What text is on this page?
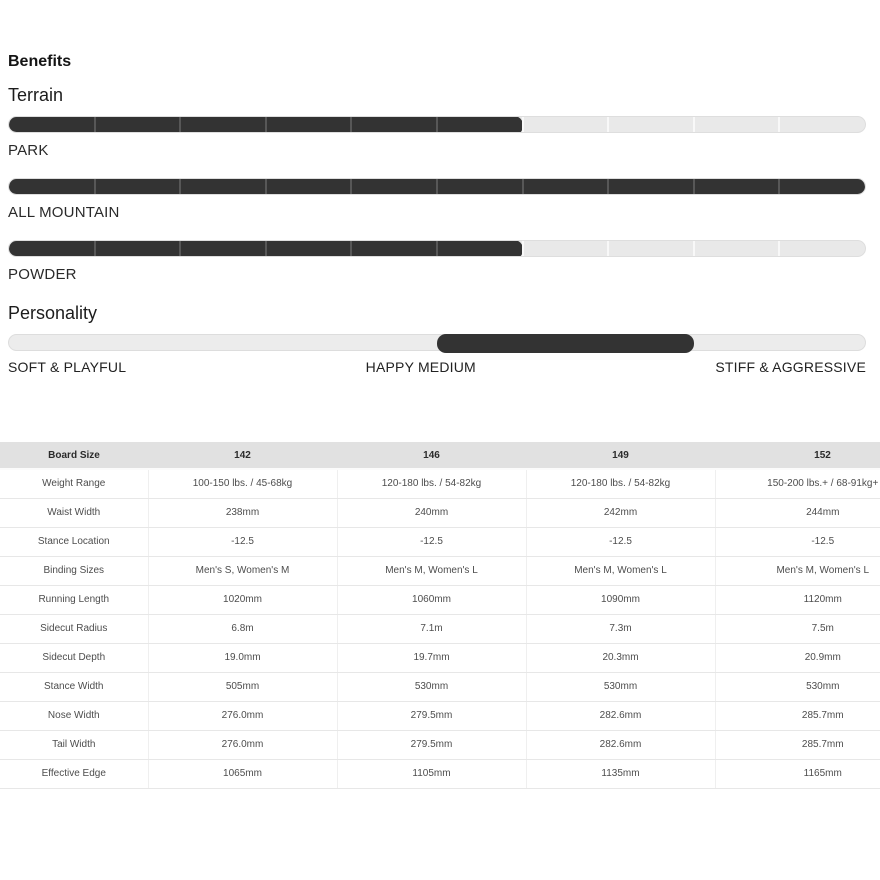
Benefits
Terrain
PARK
ALL MOUNTAIN
POWDER
Personality
SOFT & PLAYFUL	HAPPY MEDIUM	STIFF & AGGRESSIVE
Board Size	142	146	149	152
Weight Range	100-150 lbs. / 45-68kg	120-180 lbs. / 54-82kg	120-180 lbs. / 54-82kg	150-200 lbs.+ / 68-91kg+
Waist Width	238mm	240mm	242mm	244mm
Stance Location	-12.5	-12.5	-12.5	-12.5
Binding Sizes	Men's S, Women's M	Men's M, Women's L	Men's M, Women's L	Men's M, Women's L
Running Length	1020mm	1060mm	1090mm	1120mm
Sidecut Radius	6.8m	7.1m	7.3m	7.5m
Sidecut Depth	19.0mm	19.7mm	20.3mm	20.9mm
Stance Width	505mm	530mm	530mm	530mm
Nose Width	276.0mm	279.5mm	282.6mm	285.7mm
Tail Width	276.0mm	279.5mm	282.6mm	285.7mm
Effective Edge	1065mm	1105mm	1135mm	1165mm
